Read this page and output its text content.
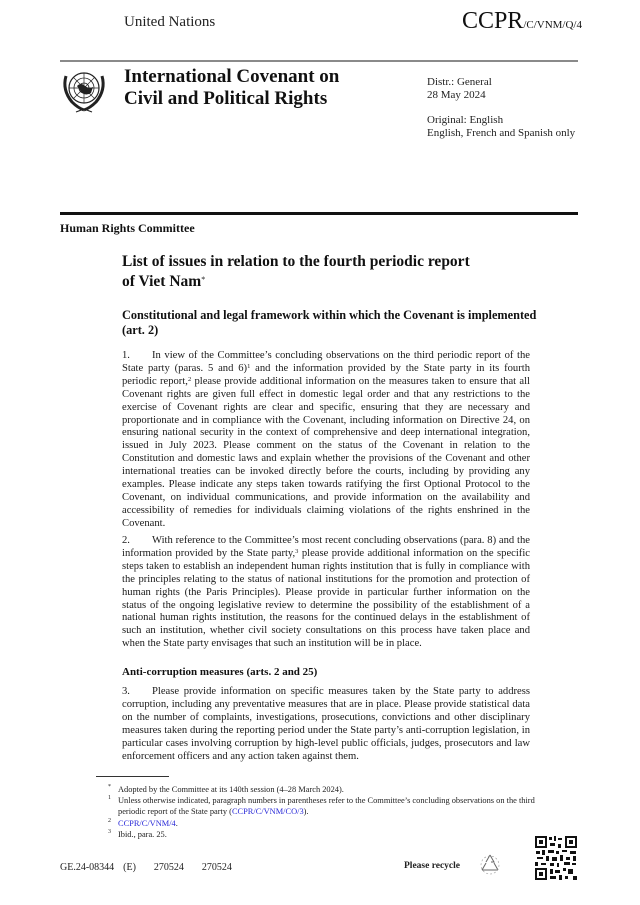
United Nations	CCPR/C/VNM/Q/4
International Covenant on
Civil and Political Rights

Distr.: General

28 May 2024

Original: English

English, French and Spanish only

Human Rights Committee
List of issues in relation to the fourth periodic report
of Viet Nam*
Constitutional and legal framework within which the Covenant is implemented (art. 2)
1. In view of the Committee’s concluding observations on the third periodic report of the State party (paras. 5 and 6)$^1$ and the information provided by the State party in its fourth periodic report,$^2$ please provide additional information on the measures taken to ensure that all Covenant rights are given full effect in domestic legal order and that any restrictions to the exercise of Covenant rights are clear and specific, ensuring that they are necessary and proportionate and in compliance with the Covenant, including information on Directive 24, on ensuring national security in the context of comprehensive and deep international integration, issued in July 2023. Please comment on the status of the Covenant in relation to the Constitution and domestic laws and explain whether the provisions of the Covenant and other international treaties can be invoked directly before the courts, including by providing any examples. Please indicate any steps taken towards ratifying the first Optional Protocol to the Covenant, on individual communications, and provide information on the availability and accessibility of remedies for individuals claiming violations of the rights enshrined in the Covenant.
2. With reference to the Committee’s most recent concluding observations (para. 8) and the information provided by the State party,$^3$ please provide additional information on the specific steps taken to establish an independent human rights institution that is fully in compliance with the principles relating to the status of national institutions for the promotion and protection of human rights (the Paris Principles). Please provide in particular further information on the status of the ongoing legislative review to determine the possibility of the establishment of a national human rights institution, the reasons for the continued delays in the establishment of such an institution, whether civil society consultations on this process have taken place and when the State party envisages that such an institution will be in place.
Anti-corruption measures (arts. 2 and 25)
3. Please provide information on specific measures taken by the State party to address corruption, including any preventative measures that are in place. Please provide statistical data on the number of complaints, investigations, prosecutions, convictions and other disciplinary measures taken during the reporting period under the State party’s anti-corruption legislation, in particular cases involving corruption by high-level public officials, judges, prosecutors and law enforcement officers and any action taken against them.
* Adopted by the Committee at its 140th session (4–28 March 2024).
1 Unless otherwise indicated, paragraph numbers in parentheses refer to the Committee’s concluding observations on the third periodic report of the State party (CCPR/C/VNM/CO/3).
2 CCPR/C/VNM/4.
3 Ibid., para. 25.
GE.24-08344  (E)    270524    270524	Please recycle
